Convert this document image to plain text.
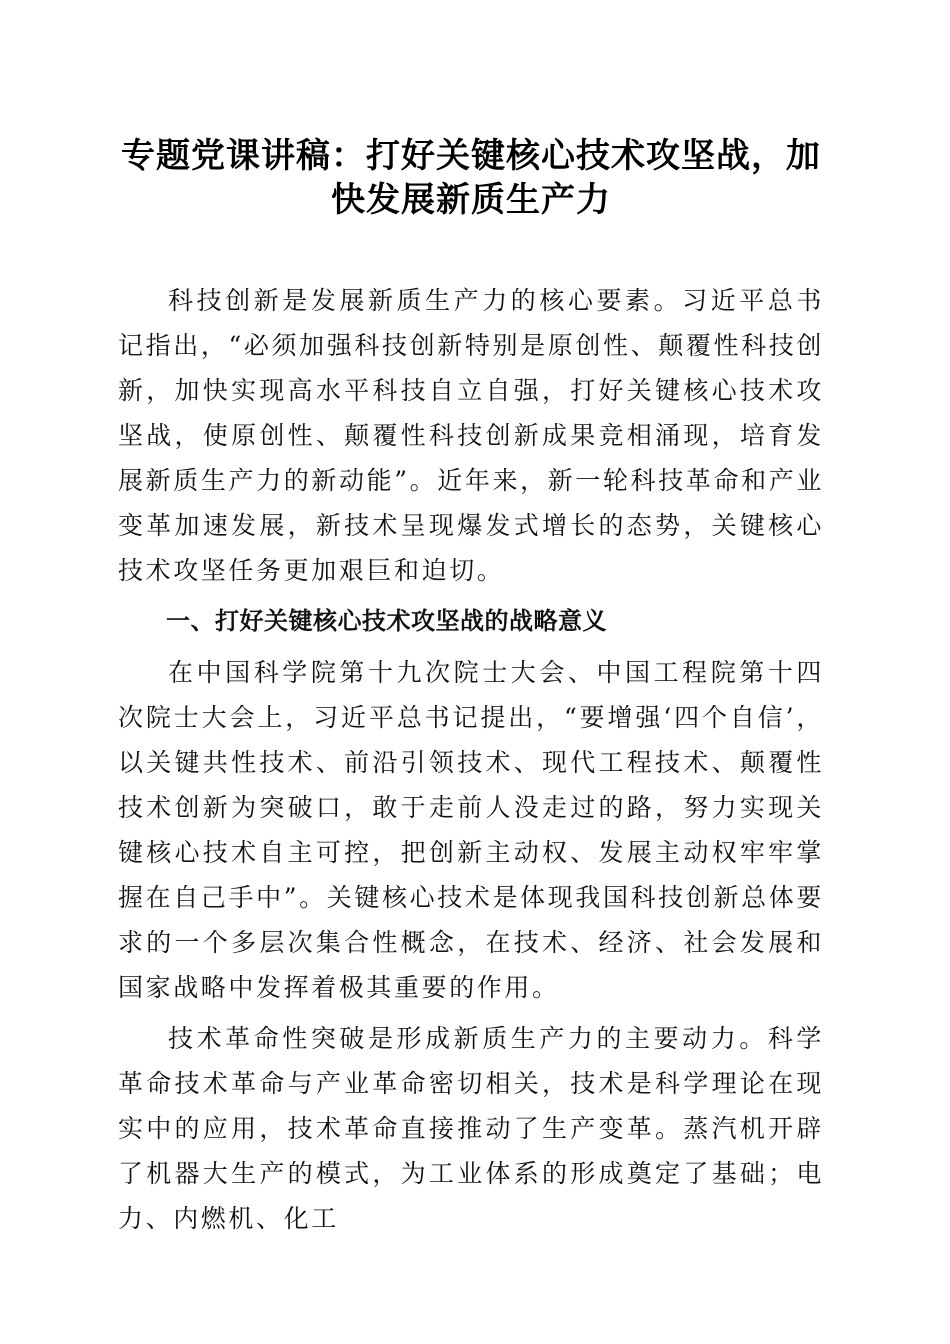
专题党课讲稿：打好关键核心技术攻坚战，加快发展新质生产力

科技创新是发展新质生产力的核心要素。习近平总书记指出，“必须加强科技创新特别是原创性、颠覆性科技创新，加快实现高水平科技自立自强，打好关键核心技术攻坚战，使原创性、颠覆性科技创新成果竞相涌现，培育发展新质生产力的新动能”。近年来，新一轮科技革命和产业变革加速发展，新技术呈现爆发式增长的态势，关键核心技术攻坚任务更加艰巨和迫切。

一、打好关键核心技术攻坚战的战略意义

在中国科学院第十九次院士大会、中国工程院第十四次院士大会上，习近平总书记提出，“要增强‘四个自信’，以关键共性技术、前沿引领技术、现代工程技术、颠覆性技术创新为突破口，敢于走前人没走过的路，努力实现关键核心技术自主可控，把创新主动权、发展主动权牢牢掌握在自己手中”。关键核心技术是体现我国科技创新总体要求的一个多层次集合性概念，在技术、经济、社会发展和国家战略中发挥着极其重要的作用。

技术革命性突破是形成新质生产力的主要动力。科学革命技术革命与产业革命密切相关，技术是科学理论在现实中的应用，技术革命直接推动了生产变革。蒸汽机开辟了机器大生产的模式，为工业体系的形成奠定了基础；电力、内燃机、化工
